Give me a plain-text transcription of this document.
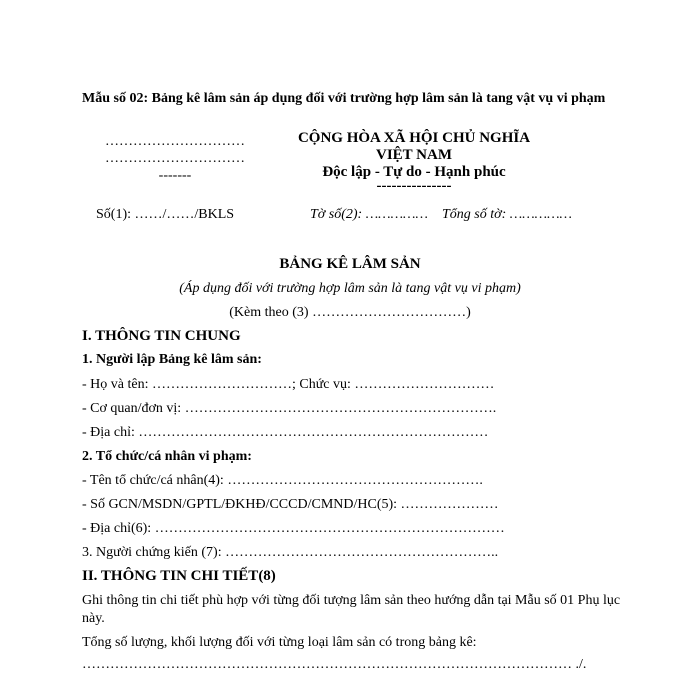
Mẫu số 02: Bảng kê lâm sản áp dụng đối với trường hợp lâm sản là tang vật vụ vi phạm
…………………………
…………………………
-------
CỘNG HÒA XÃ HỘI CHỦ NGHĨA VIỆT NAM
Độc lập - Tự do - Hạnh phúc
---------------
Số(1): ……/……/BKLS	Tờ số(2): …………… Tổng số tờ: ……………
BẢNG KÊ LÂM SẢN
(Áp dụng đối với trường hợp lâm sản là tang vật vụ vi phạm)
(Kèm theo (3) ……………………………)
I. THÔNG TIN CHUNG
1. Người lập Bảng kê lâm sản:
- Họ và tên: …………………………; Chức vụ: …………………………
- Cơ quan/đơn vị: ………………………………………………………….
- Địa chỉ: …………………………………………………………………
2. Tổ chức/cá nhân vi phạm:
- Tên tổ chức/cá nhân(4): ……………………………………………….
- Số GCN/MSDN/GPTL/ĐKHĐ/CCCD/CMND/HC(5): …………………
- Địa chỉ(6): …………………………………………………………………
3. Người chứng kiến (7): …………………………………………………..
II. THÔNG TIN CHI TIẾT(8)
Ghi thông tin chi tiết phù hợp với từng đối tượng lâm sản theo hướng dẫn tại Mẫu số 01 Phụ lục này.
Tổng số lượng, khối lượng đối với từng loại lâm sản có trong bảng kê:
…………………………………………………………………………………………… ./.
